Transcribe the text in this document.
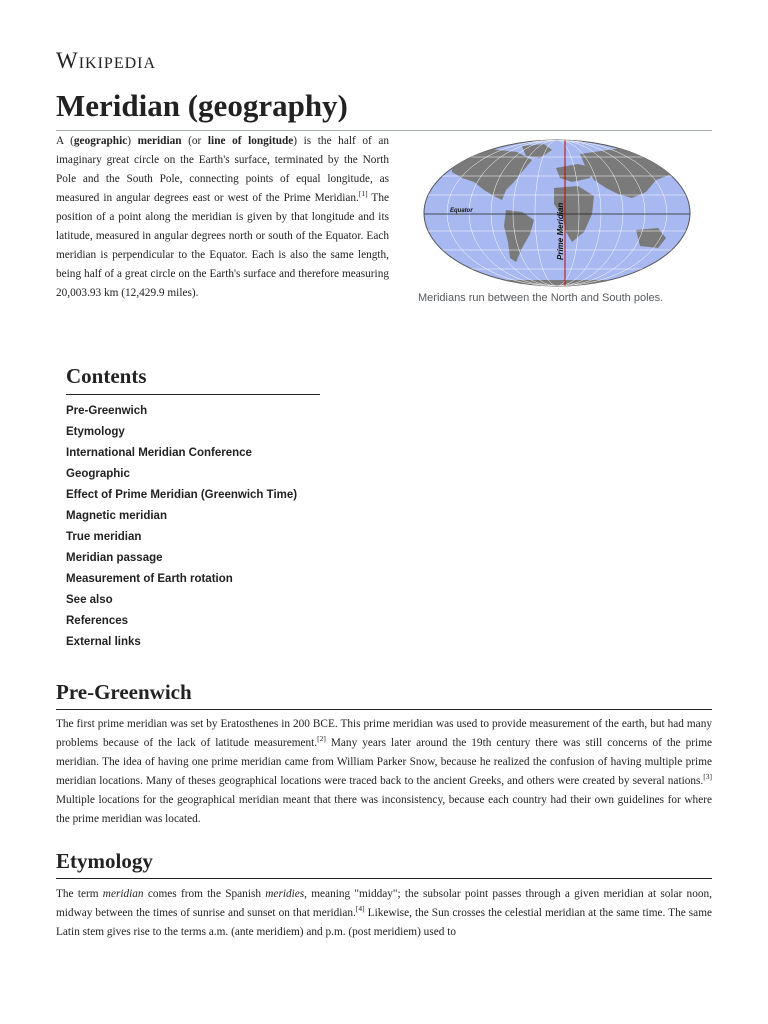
Wikipedia
Meridian (geography)

A (geographic) meridian (or line of longitude) is the half of an imaginary great circle on the Earth's surface, terminated by the North Pole and the South Pole, connecting points of equal longitude, as measured in angular degrees east or west of the Prime Meridian.[1] The position of a point along the meridian is given by that longitude and its latitude, measured in angular degrees north or south of the Equator. Each meridian is perpendicular to the Equator. Each is also the same length, being half of a great circle on the Earth's surface and therefore measuring 20,003.93 km (12,429.9 miles).

Equator	Prime Meridian
Meridians run between the North and South poles.
Contents
Pre-Greenwich
Etymology
International Meridian Conference
Geographic
Effect of Prime Meridian (Greenwich Time)
Magnetic meridian
True meridian
Meridian passage
Measurement of Earth rotation
See also
References
External links
Pre-Greenwich

The first prime meridian was set by Eratosthenes in 200 BCE. This prime meridian was used to provide measurement of the earth, but had many problems because of the lack of latitude measurement.[2] Many years later around the 19th century there was still concerns of the prime meridian. The idea of having one prime meridian came from William Parker Snow, because he realized the confusion of having multiple prime meridian locations. Many of theses geographical locations were traced back to the ancient Greeks, and others were created by several nations.[3] Multiple locations for the geographical meridian meant that there was inconsistency, because each country had their own guidelines for where the prime meridian was located.

Etymology

The term meridian comes from the Spanish meridies, meaning "midday"; the subsolar point passes through a given meridian at solar noon, midway between the times of sunrise and sunset on that meridian.[4] Likewise, the Sun crosses the celestial meridian at the same time. The same Latin stem gives rise to the terms a.m. (ante meridiem) and p.m. (post meridiem) used to
